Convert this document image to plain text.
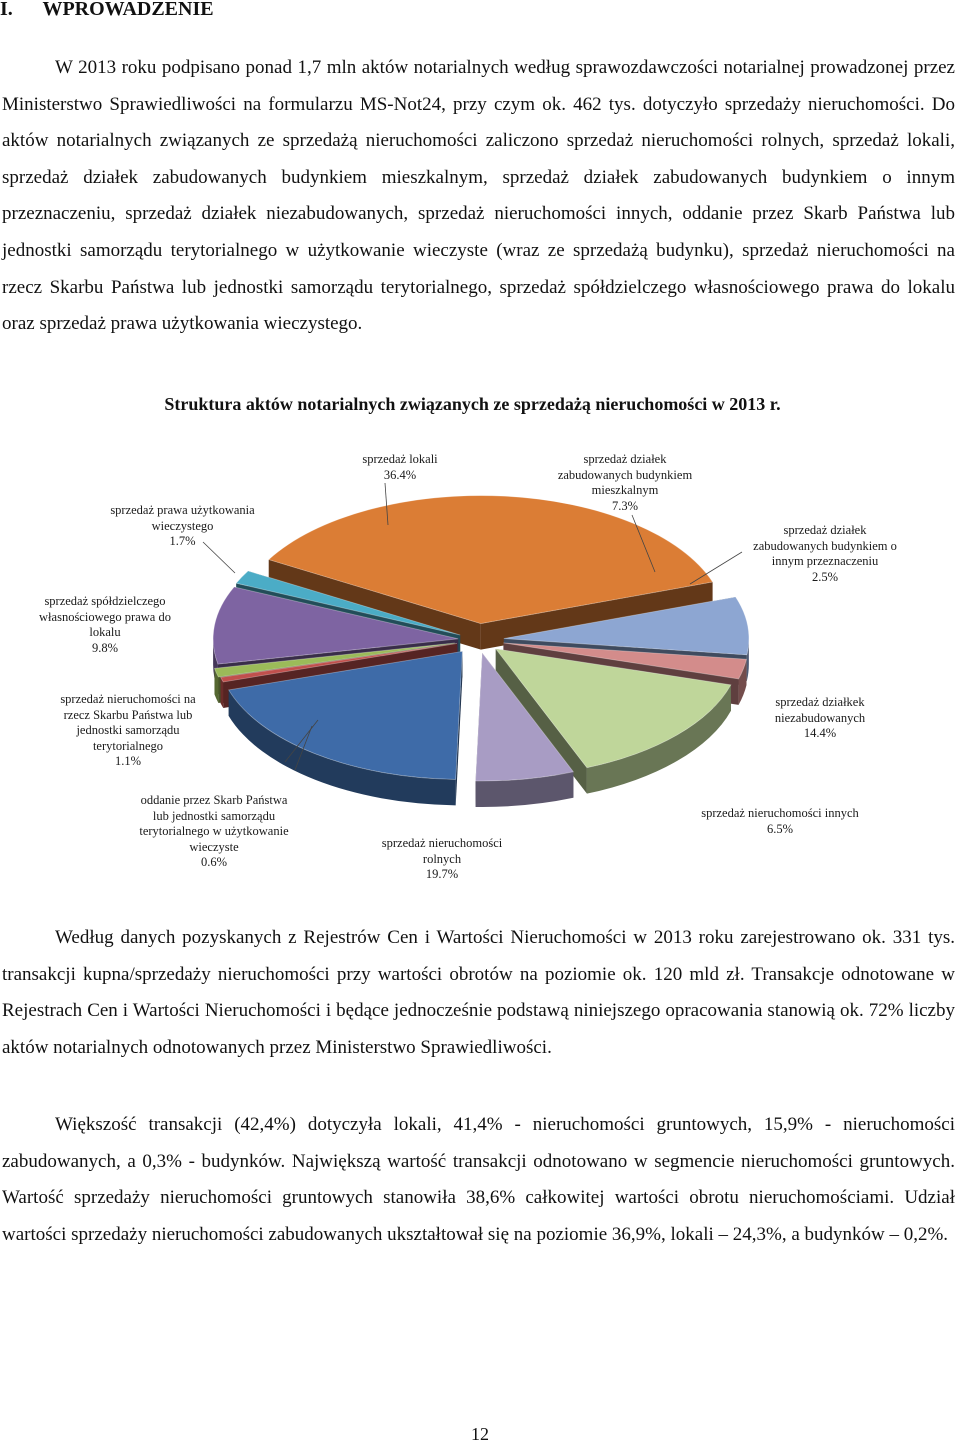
I. WPROWADZENIE

W 2013 roku podpisano ponad 1,7 mln aktów notarialnych według sprawozdawczości notarialnej prowadzonej przez Ministerstwo Sprawiedliwości na formularzu MS-Not24, przy czym ok. 462 tys. dotyczyło sprzedaży nieruchomości. Do aktów notarialnych związanych ze sprzedażą nieruchomości zaliczono sprzedaż nieruchomości rolnych, sprzedaż lokali, sprzedaż działek zabudowanych budynkiem mieszkalnym, sprzedaż działek zabudowanych budynkiem o innym przeznaczeniu, sprzedaż działek niezabudowanych, sprzedaż nieruchomości innych, oddanie przez Skarb Państwa lub jednostki samorządu terytorialnego w użytkowanie wieczyste (wraz ze sprzedażą budynku), sprzedaż nieruchomości na rzecz Skarbu Państwa lub jednostki samorządu terytorialnego, sprzedaż spółdzielczego własnościowego prawa do lokalu oraz sprzedaż prawa użytkowania wieczystego.

Struktura aktów notarialnych związanych ze sprzedażą nieruchomości w 2013 r.
sprzedaż lokali
36.4%
sprzedaż działek
zabudowanych budynkiem
mieszkalnym
7.3%
sprzedaż działek
zabudowanych budynkiem o
innym przeznaczeniu
2.5%
sprzedaż działkek
niezabudowanych
14.4%
sprzedaż nieruchomości innych
6.5%
sprzedaż nieruchomości
rolnych
19.7%
oddanie przez Skarb Państwa
lub jednostki samorządu
terytorialnego w użytkowanie
wieczyste
0.6%
sprzedaż nieruchomości na
rzecz Skarbu Państwa lub
jednostki samorządu
terytorialnego
1.1%
sprzedaż spółdzielczego
własnościowego prawa do
lokalu
9.8%
sprzedaż prawa użytkowania
wieczystego
1.7%

Według danych pozyskanych z Rejestrów Cen i Wartości Nieruchomości w 2013 roku zarejestrowano ok. 331 tys. transakcji kupna/sprzedaży nieruchomości przy wartości obrotów na poziomie ok. 120 mld zł. Transakcje odnotowane w Rejestrach Cen i Wartości Nieruchomości i będące jednocześnie podstawą niniejszego opracowania stanowią ok. 72% liczby aktów notarialnych odnotowanych przez Ministerstwo Sprawiedliwości.

Większość transakcji (42,4%) dotyczyła lokali, 41,4% - nieruchomości gruntowych, 15,9% - nieruchomości zabudowanych, a 0,3% - budynków. Największą wartość transakcji odnotowano w segmencie nieruchomości gruntowych. Wartość sprzedaży nieruchomości gruntowych stanowiła 38,6% całkowitej wartości obrotu nieruchomościami. Udział wartości sprzedaży nieruchomości zabudowanych ukształtował się na poziomie 36,9%, lokali – 24,3%, a budynków – 0,2%.

12
